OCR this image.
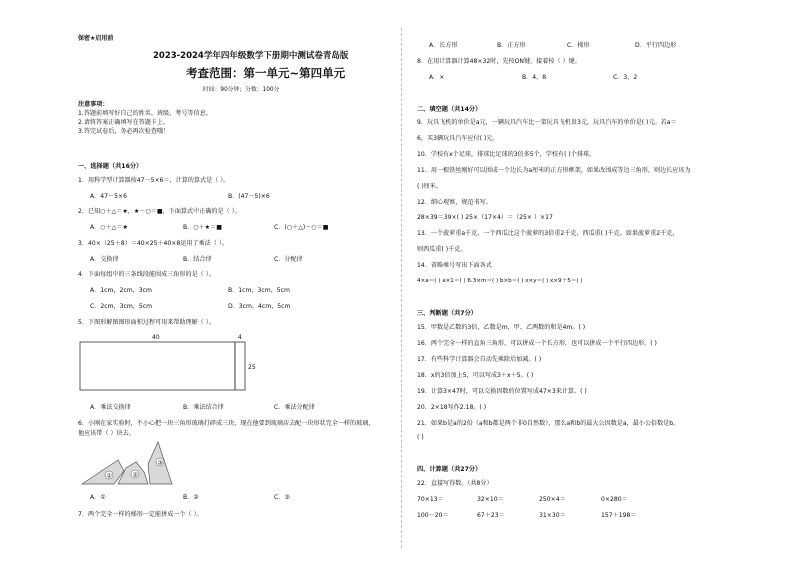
保密★启用前
2023-2024学年四年级数学下册期中测试卷青岛版
考查范围：第一单元~第四单元
时间：90分钟；分数：100分
注意事项：
1.答题前填写好自己的姓名、班级、考号等信息。
2.请将答案正确填写在答题卡上。
3.答完试卷后，务必再次检查哦！
一、选择题（共16分）
1．用科学型计算器按47－5×6＝，计算的算式是（ ）。
A．47－5×6	B．(47－5)×6
2．已知○＋△＝★，★－○＝■，下面算式中正确的是（ ）。
A．○＋△＝★	B．○＋★＝■	C．(○＋△)－○＝■
3．40×（25＋8）＝40×25＋40×8运用了乘法（ ）。
A．交换律	B．结合律	C．分配律
4．下面每组中的三条线段能围成三角形的是（ ）。
A．1cm，2cm，3cm	B．1cm，3cm，5cm
C．2cm，3cm，5cm	D．3cm，4cm，5cm
5．下图形解图图形面积过程可用来帮助理解（ ）。
40	4
25
A．乘法交换律	B．乘法结合律	C．乘法分配律
6．小刚在家实验时，不小心把一块三角形玻璃打碎成三块，现在他要到玻璃店去配一块形状完全一样的玻璃，
他应该带（ ）块去。
①	②
③
A．①	B．②	C．③
7．两个完全一样的梯形一定能拼成一个（ ）。
A．长方形	B．正方形	C．梯形	D．平行四边形
8．在用计算器计算48×32时，先按ON键，接着按（ ）键。
A．×	B．4、8	C．3、2
二、填空题（共14分）
9．玩具飞机的单价是a元，一辆玩具汽车比一架玩具飞机贵3元，玩具汽车的单价是( )元。若a＝
6，买3辆玩具汽车应付( )元。
10．学校有x个足球，排球比足球的3倍多5个，学校有( )个排球。
11．用一根铁丝刚好可以围成一个边长为a厘米的正方形框架，如果改围成等边三角形，则边长应该为
( )厘米。
12．细心观察，规范书写。
28×39＝39×( ) 25×（17×4）＝（25× ）×17
13．一个菠萝重a千克，一个西瓜比这个菠萝的3倍重2千克，西瓜重( )千克。如果菠萝重2千克，
则西瓜重( )千克。
14．省略乘号写出下面各式
4×a＝( ) a×1＝( ) 6.3×m＝( ) b×b＝( ) x×y＝( ) x×9＋5＝( )
三、判断题（共7分）
15．甲数是乙数的3倍，乙数是m，甲、乙两数的和是4m。( )
16．两个完全一样的直角三角形，可以拼成一个长方形，也可以拼成一个平行四边形。( )
17．有些科学计算器会自动先乘除后加减。( )
18．x的3倍加上5，可以写成3＋x＋5。( )
19．计算3×47时，可以交换因数的位置写成47×3来计算。( )
20．2×18写作2.18。( )
21．如果b是a的2倍（a和b都是两个非0自然数），那么a和b的最大公因数是a，最小公倍数是b。
( )
四、计算题（共27分）
22．直接写得数。（共8分）
70×13＝	32×10＝	250×4＝	0×280＝
100－20＝	67＋23＝	31×30＝	157＋198＝
